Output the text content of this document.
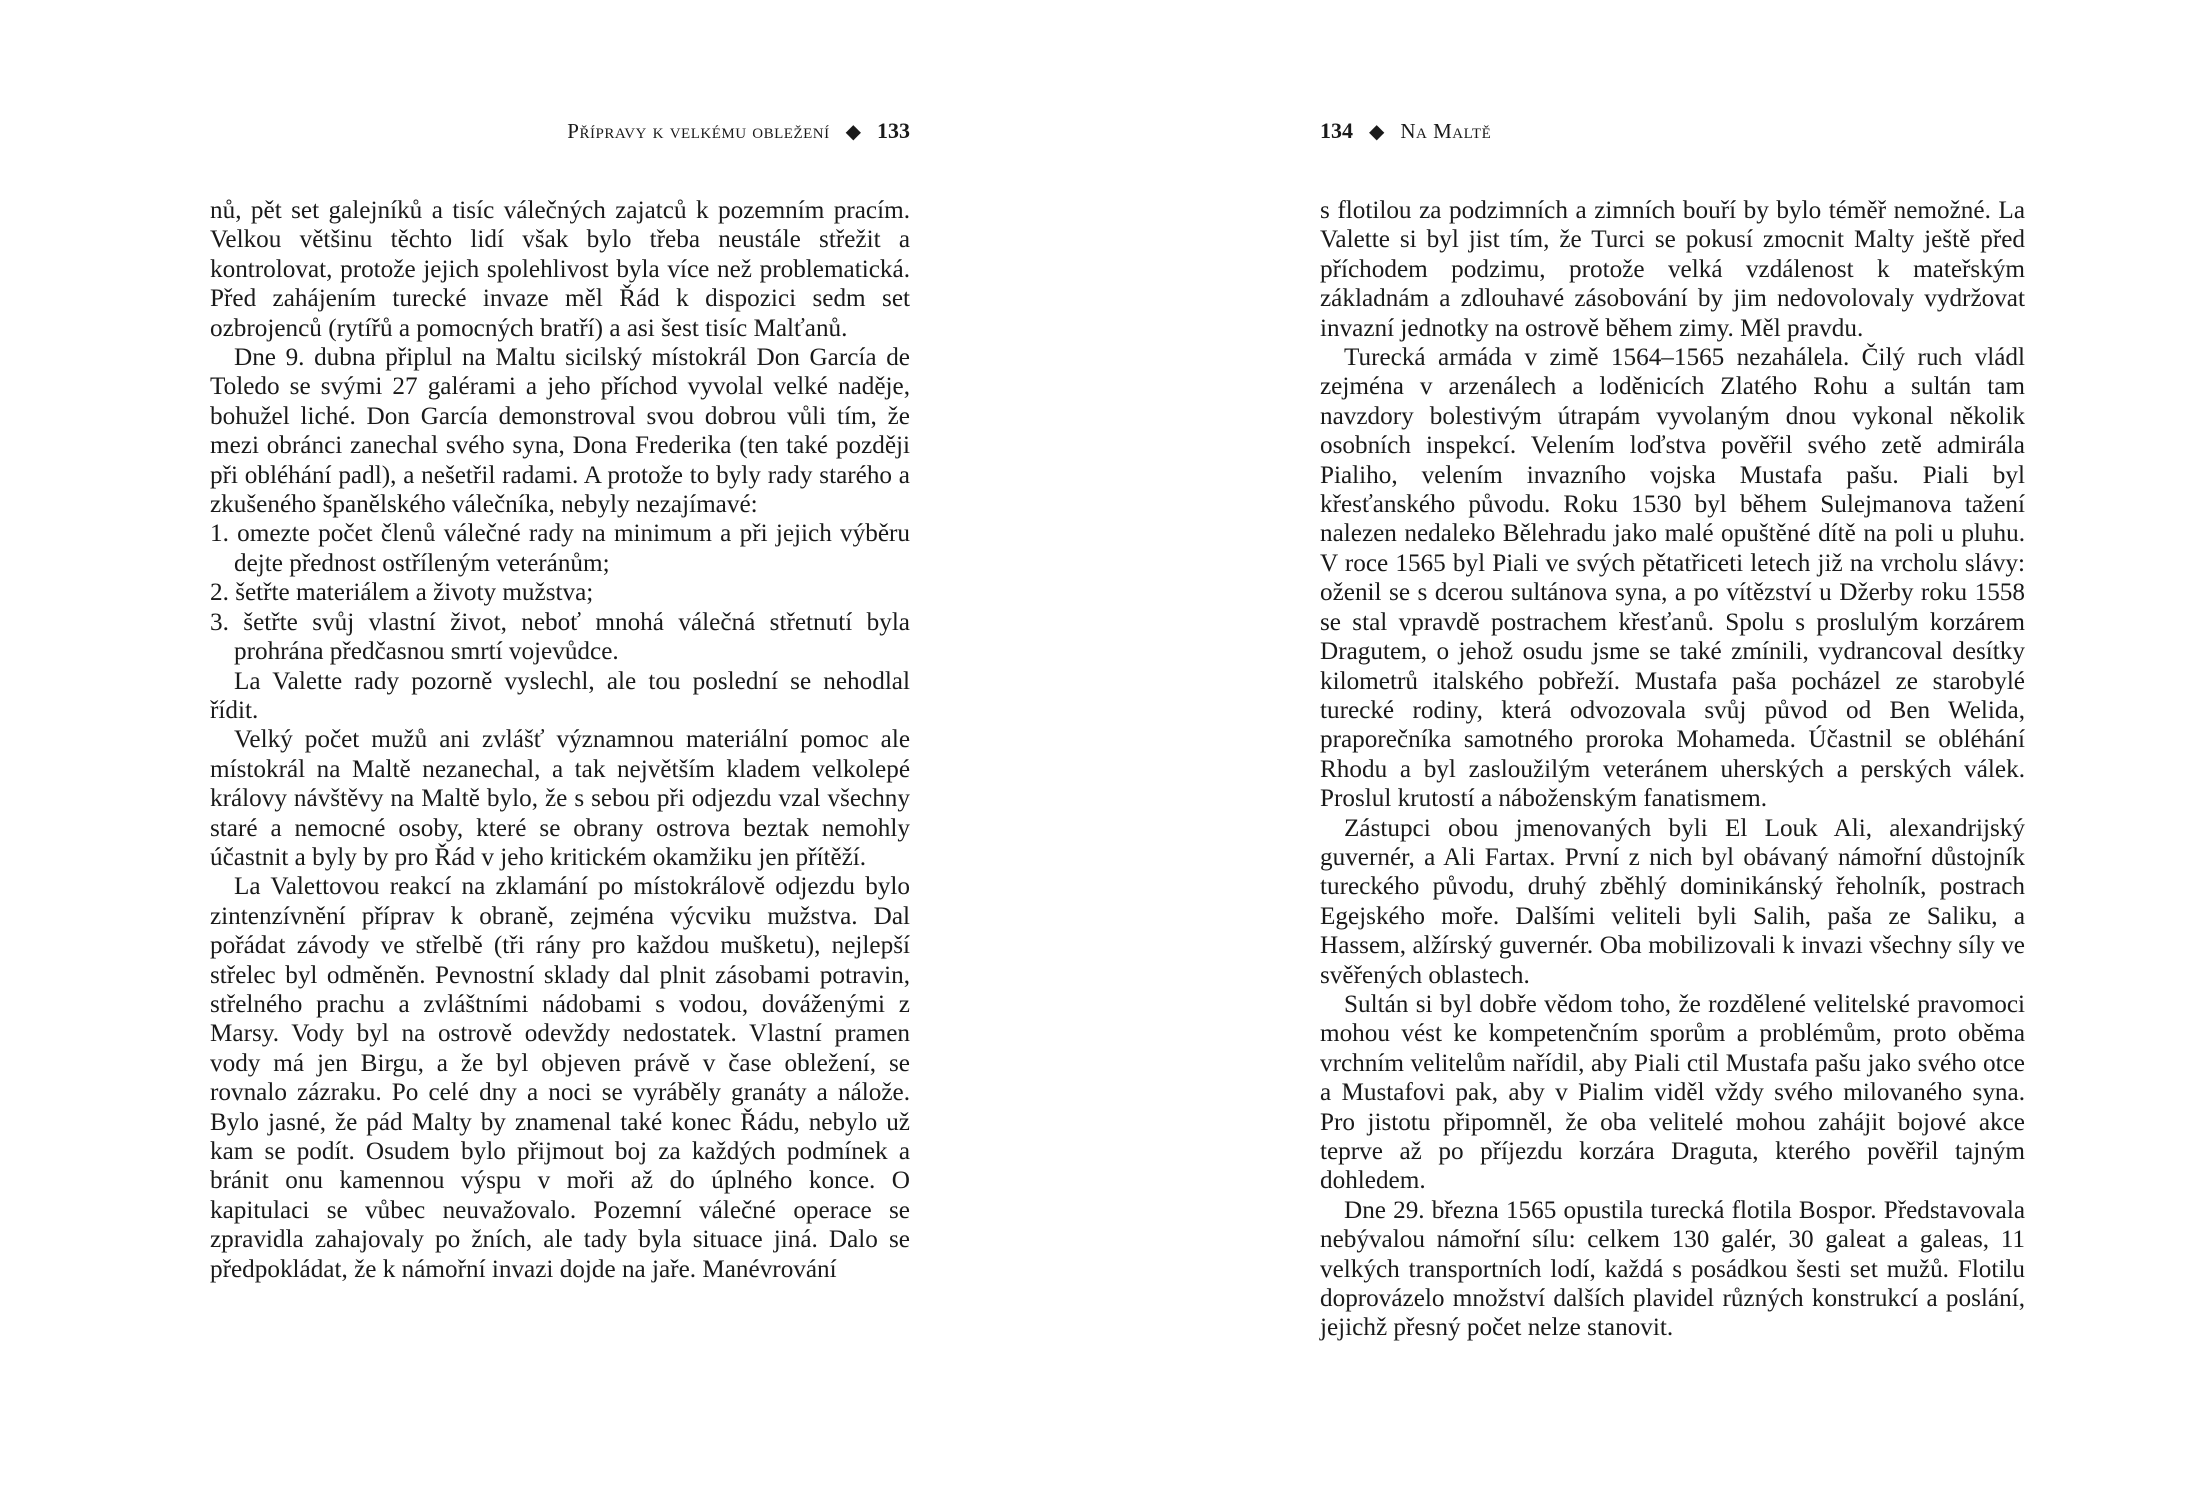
Přípravy k velkému obležení ◆ 133

nů, pět set galejníků a tisíc válečných zajatců k pozemním pracím. Velkou většinu těchto lidí však bylo třeba neustále střežit a kontrolovat, protože jejich spolehlivost byla více než problematická. Před zahájením turecké invaze měl Řád k dispozici sedm set ozbrojenců (rytířů a pomocných bratří) a asi šest tisíc Malťanů.

Dne 9. dubna připlul na Maltu sicilský místokrál Don García de Toledo se svými 27 galérami a jeho příchod vyvolal velké naděje, bohužel liché. Don García demonstroval svou dobrou vůli tím, že mezi obránci zanechal svého syna, Dona Frederika (ten také později při obléhání padl), a nešetřil radami. A protože to byly rady starého a zkušeného španělského válečníka, nebyly nezajímavé:

1. omezte počet členů válečné rady na minimum a při jejich výběru dejte přednost ostříleným veteránům;
2. šetřte materiálem a životy mužstva;
3. šetřte svůj vlastní život, neboť mnohá válečná střetnutí byla prohrána předčasnou smrtí vojevůdce.

La Valette rady pozorně vyslechl, ale tou poslední se nehodlal řídit.

Velký počet mužů ani zvlášť významnou materiální pomoc ale místokrál na Maltě nezanechal, a tak největším kladem velkolepé královy návštěvy na Maltě bylo, že s sebou při odjezdu vzal všechny staré a nemocné osoby, které se obrany ostrova beztak nemohly účastnit a byly by pro Řád v jeho kritickém okamžiku jen přítěží.

La Valettovou reakcí na zklamání po místokrálově odjezdu bylo zintenzívnění příprav k obraně, zejména výcviku mužstva. Dal pořádat závody ve střelbě (tři rány pro každou mušketu), nejlepší střelec byl odměněn. Pevnostní sklady dal plnit zásobami potravin, střelného prachu a zvláštními nádobami s vodou, dováženými z Marsy. Vody byl na ostrově odevždy nedostatek. Vlastní pramen vody má jen Birgu, a že byl objeven právě v čase obležení, se rovnalo zázraku. Po celé dny a noci se vyráběly granáty a nálože. Bylo jasné, že pád Malty by znamenal také konec Řádu, nebylo už kam se podít. Osudem bylo přijmout boj za každých podmínek a bránit onu kamennou výspu v moři až do úplného konce. O kapitulaci se vůbec neuvažovalo. Pozemní válečné operace se zpravidla zahajovaly po žních, ale tady byla situace jiná. Dalo se předpokládat, že k námořní invazi dojde na jaře. Manévrování

134 ◆ Na Maltě

s flotilou za podzimních a zimních bouří by bylo téměř nemožné. La Valette si byl jist tím, že Turci se pokusí zmocnit Malty ještě před příchodem podzimu, protože velká vzdálenost k mateřským základnám a zdlouhavé zásobování by jim nedovolovaly vydržovat invazní jednotky na ostrově během zimy. Měl pravdu.

Turecká armáda v zimě 1564–1565 nezahálela. Čilý ruch vládl zejména v arzenálech a loděnicích Zlatého Rohu a sultán tam navzdory bolestivým útrapám vyvolaným dnou vykonal několik osobních inspekcí. Velením loďstva pověřil svého zetě admirála Pialiho, velením invazního vojska Mustafa pašu. Piali byl křesťanského původu. Roku 1530 byl během Sulejmanova tažení nalezen nedaleko Bělehradu jako malé opuštěné dítě na poli u pluhu. V roce 1565 byl Piali ve svých pětatřiceti letech již na vrcholu slávy: oženil se s dcerou sultánova syna, a po vítězství u Džerby roku 1558 se stal vpravdě postrachem křesťanů. Spolu s proslulým korzárem Dragutem, o jehož osudu jsme se také zmínili, vydrancoval desítky kilometrů italského pobřeží. Mustafa paša pocházel ze starobylé turecké rodiny, která odvozovala svůj původ od Ben Welida, praporečníka samotného proroka Mohameda. Účastnil se obléhání Rhodu a byl zasloužilým veteránem uherských a perských válek. Proslul krutostí a náboženským fanatismem.

Zástupci obou jmenovaných byli El Louk Ali, alexandrijský guvernér, a Ali Fartax. První z nich byl obávaný námořní důstojník tureckého původu, druhý zběhlý dominikánský řeholník, postrach Egejského moře. Dalšími veliteli byli Salih, paša ze Saliku, a Hassem, alžírský guvernér. Oba mobilizovali k invazi všechny síly ve svěřených oblastech.

Sultán si byl dobře vědom toho, že rozdělené velitelské pravomoci mohou vést ke kompetenčním sporům a problémům, proto oběma vrchním velitelům nařídil, aby Piali ctil Mustafa pašu jako svého otce a Mustafovi pak, aby v Pialim viděl vždy svého milovaného syna. Pro jistotu připomněl, že oba velitelé mohou zahájit bojové akce teprve až po příjezdu korzára Draguta, kterého pověřil tajným dohledem.

Dne 29. března 1565 opustila turecká flotila Bospor. Představovala nebývalou námořní sílu: celkem 130 galér, 30 galeat a galeas, 11 velkých transportních lodí, každá s posádkou šesti set mužů. Flotilu doprovázelo množství dalších plavidel různých konstrukcí a poslání, jejichž přesný počet nelze stanovit.
